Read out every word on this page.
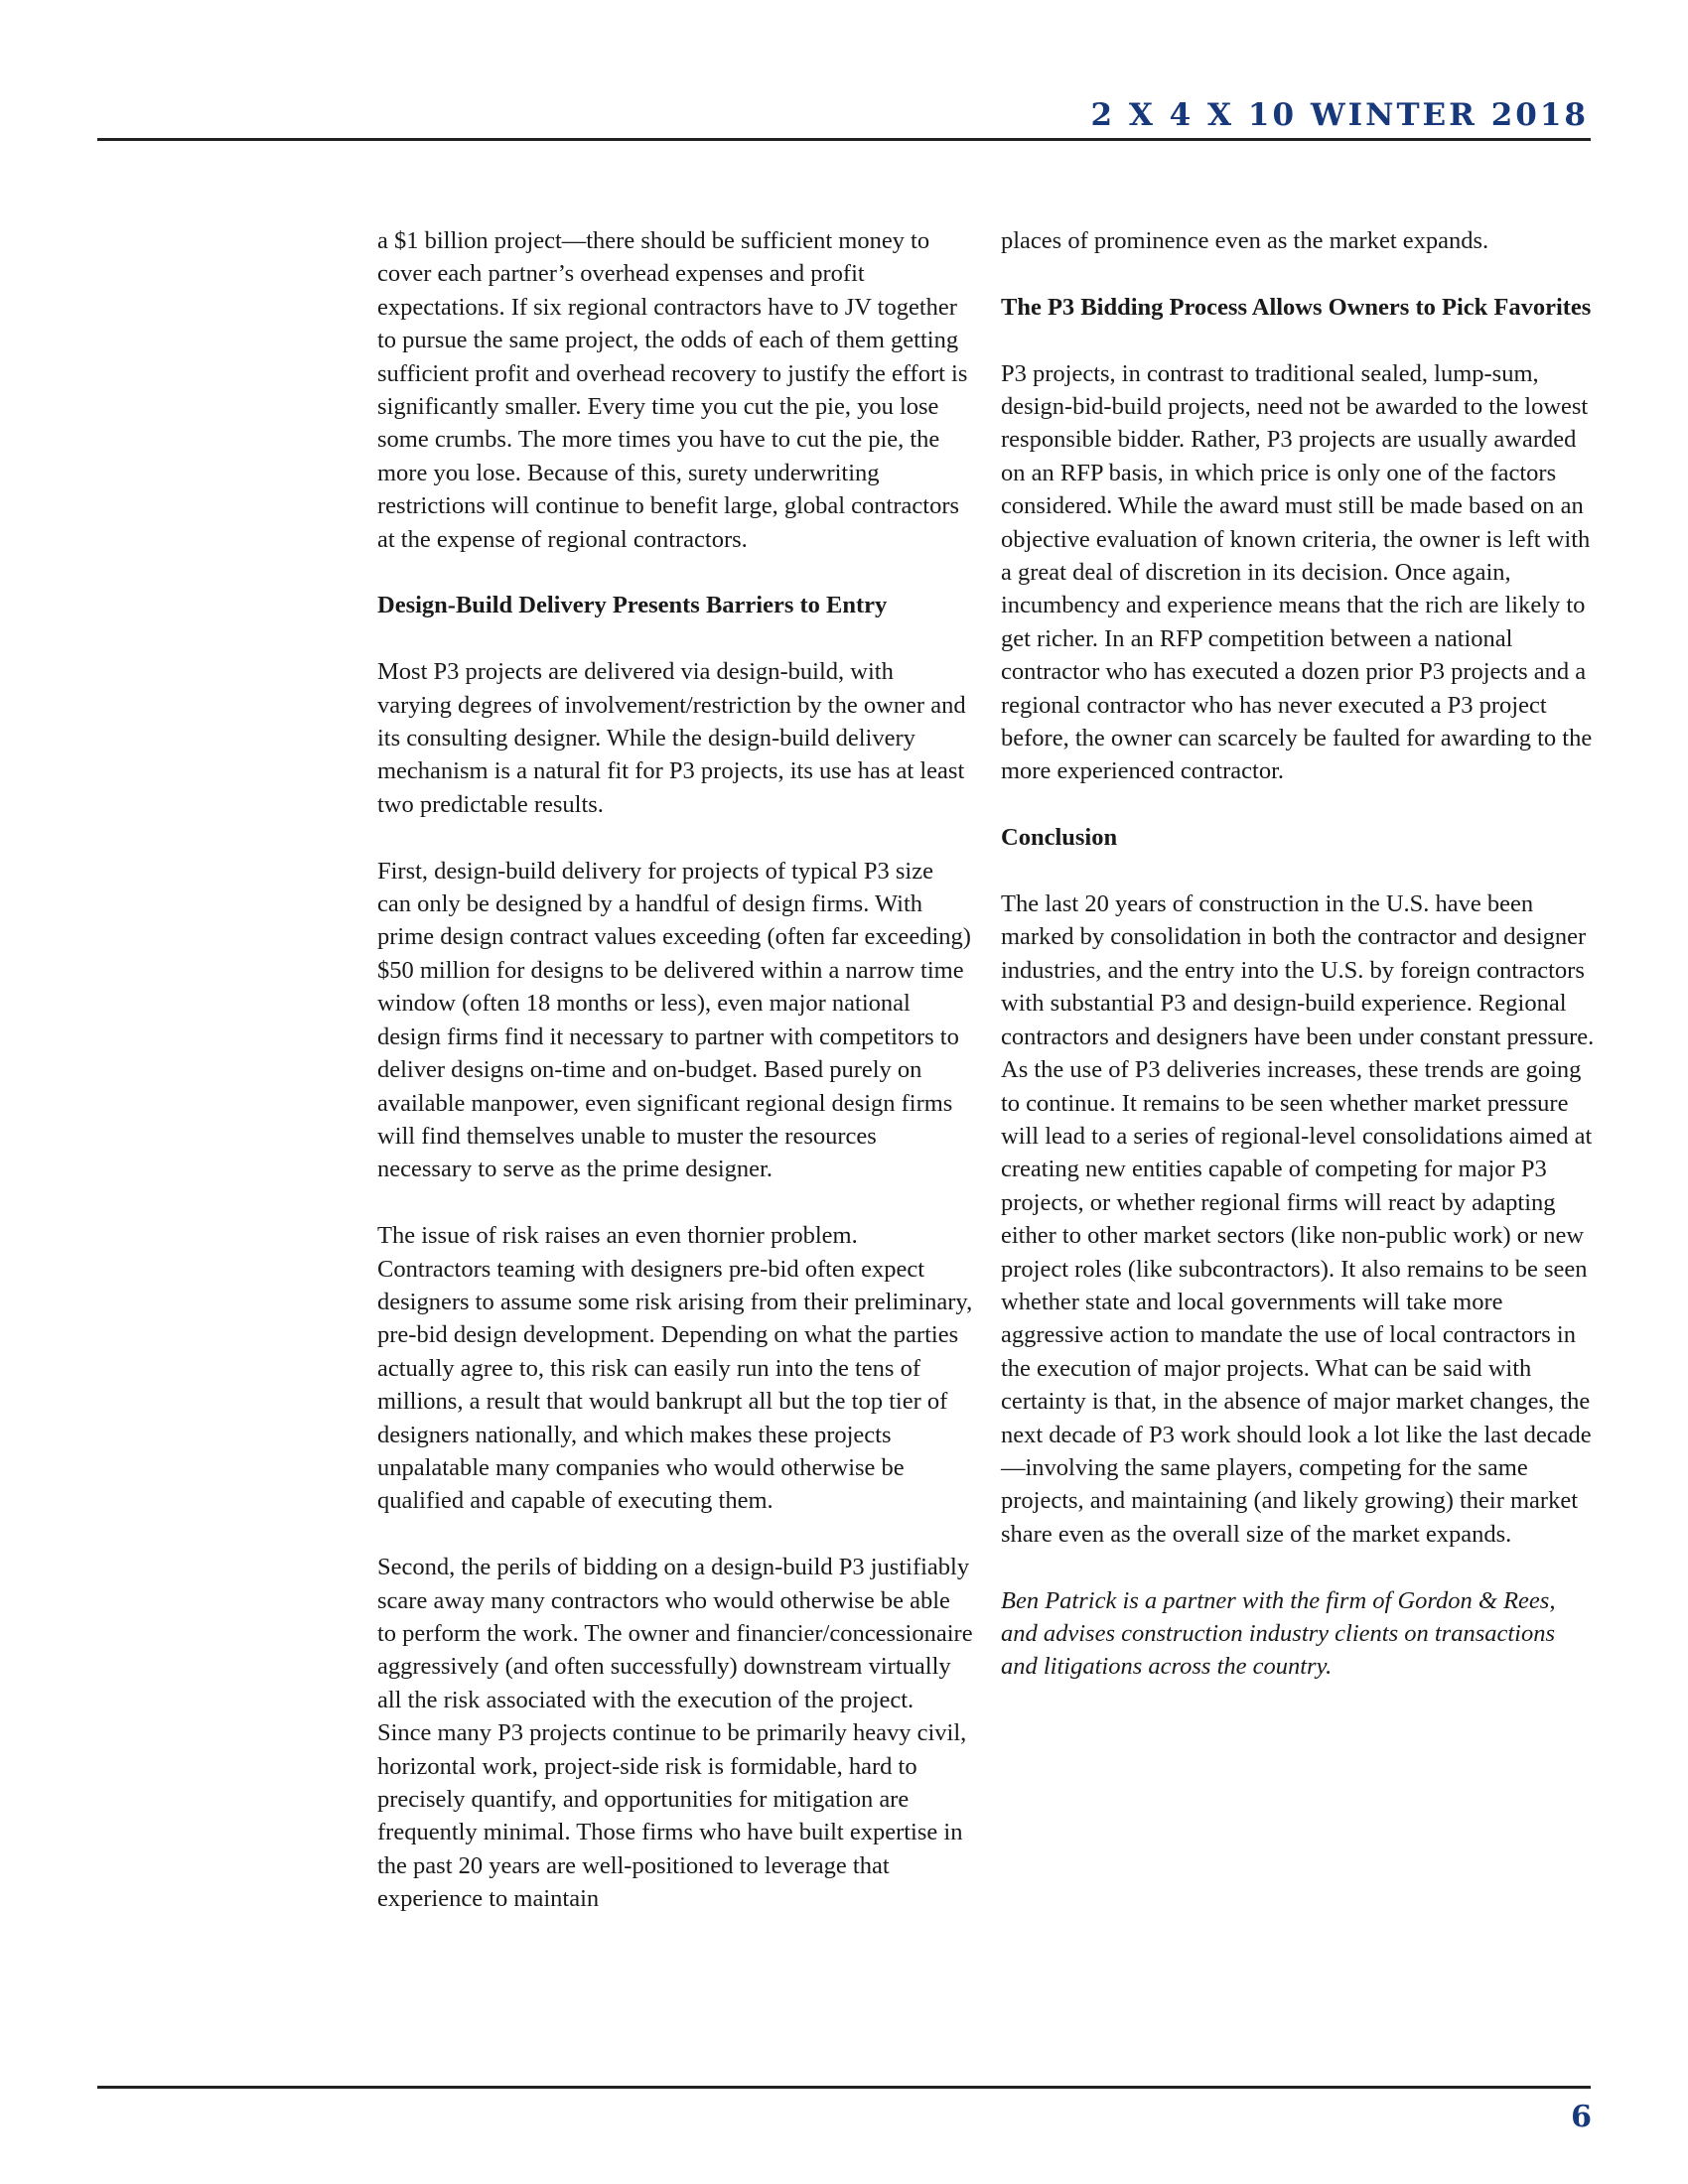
2 X 4 X 10 WINTER 2018

a $1 billion project—there should be sufficient money to cover each partner’s overhead expenses and profit expectations. If six regional contractors have to JV together to pursue the same project, the odds of each of them getting sufficient profit and overhead recovery to justify the effort is significantly smaller. Every time you cut the pie, you lose some crumbs. The more times you have to cut the pie, the more you lose. Because of this, surety underwriting restrictions will continue to benefit large, global contractors at the expense of regional contractors.

Design-Build Delivery Presents Barriers to Entry

Most P3 projects are delivered via design-build, with varying degrees of involvement/restriction by the owner and its consulting designer. While the design-build delivery mechanism is a natural fit for P3 projects, its use has at least two predictable results.

First, design-build delivery for projects of typical P3 size can only be designed by a handful of design firms. With prime design contract values exceeding (often far exceeding) $50 million for designs to be delivered within a narrow time window (often 18 months or less), even major national design firms find it necessary to partner with competitors to deliver designs on-time and on-budget. Based purely on available manpower, even significant regional design firms will find themselves unable to muster the resources necessary to serve as the prime designer.

The issue of risk raises an even thornier problem. Contractors teaming with designers pre-bid often expect designers to assume some risk arising from their preliminary, pre-bid design development. Depending on what the parties actually agree to, this risk can easily run into the tens of millions, a result that would bankrupt all but the top tier of designers nationally, and which makes these projects unpalatable many companies who would otherwise be qualified and capable of executing them.

Second, the perils of bidding on a design-build P3 justifiably scare away many contractors who would otherwise be able to perform the work. The owner and financier/concessionaire aggressively (and often successfully) downstream virtually all the risk associated with the execution of the project. Since many P3 projects continue to be primarily heavy civil, horizontal work, project-side risk is formidable, hard to precisely quantify, and opportunities for mitigation are frequently minimal. Those firms who have built expertise in the past 20 years are well-positioned to leverage that experience to maintain

places of prominence even as the market expands.

The P3 Bidding Process Allows Owners to Pick Favorites

P3 projects, in contrast to traditional sealed, lump-sum, design-bid-build projects, need not be awarded to the lowest responsible bidder. Rather, P3 projects are usually awarded on an RFP basis, in which price is only one of the factors considered. While the award must still be made based on an objective evaluation of known criteria, the owner is left with a great deal of discretion in its decision. Once again, incumbency and experience means that the rich are likely to get richer. In an RFP competition between a national contractor who has executed a dozen prior P3 projects and a regional contractor who has never executed a P3 project before, the owner can scarcely be faulted for awarding to the more experienced contractor.

Conclusion

The last 20 years of construction in the U.S. have been marked by consolidation in both the contractor and designer industries, and the entry into the U.S. by foreign contractors with substantial P3 and design-build experience. Regional contractors and designers have been under constant pressure. As the use of P3 deliveries increases, these trends are going to continue. It remains to be seen whether market pressure will lead to a series of regional-level consolidations aimed at creating new entities capable of competing for major P3 projects, or whether regional firms will react by adapting either to other market sectors (like non-public work) or new project roles (like subcontractors). It also remains to be seen whether state and local governments will take more aggressive action to mandate the use of local contractors in the execution of major projects. What can be said with certainty is that, in the absence of major market changes, the next decade of P3 work should look a lot like the last decade—involving the same players, competing for the same projects, and maintaining (and likely growing) their market share even as the overall size of the market expands.

Ben Patrick is a partner with the firm of Gordon & Rees, and advises construction industry clients on transactions and litigations across the country.

6
